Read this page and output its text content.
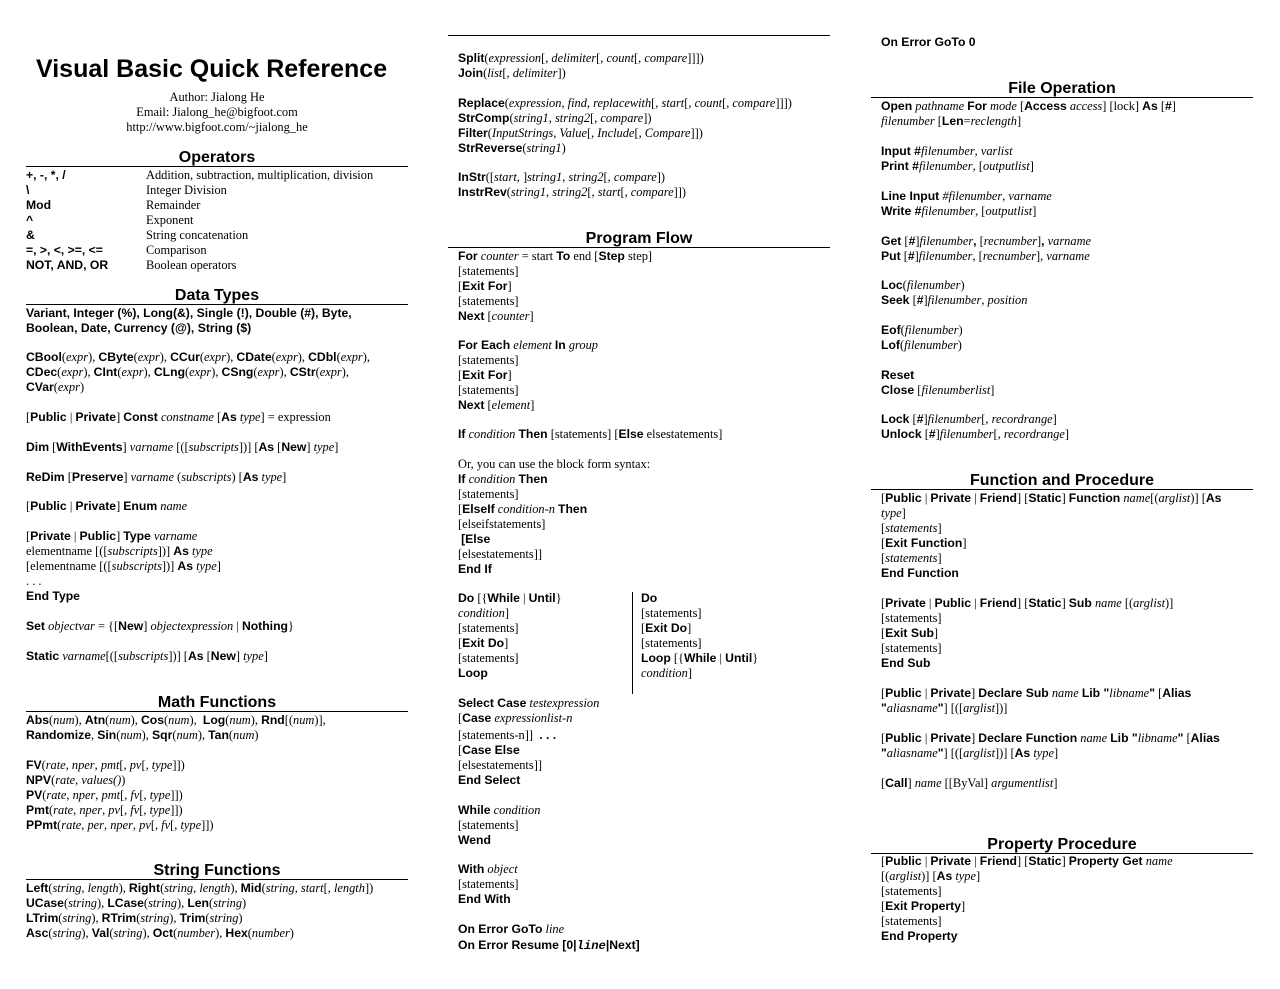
Visual Basic Quick Reference
Author: Jialong He
Email: Jialong_he@bigfoot.com
http://www.bigfoot.com/~jialong_he
Operators
+, -, *, /	Addition, subtraction, multiplication, division
\	Integer Division
Mod	Remainder
^	Exponent
&	String concatenation
=, >, <, >=, <=	Comparison
NOT, AND, OR	Boolean operators
Data Types
Variant, Integer (%), Long(&), Single (!), Double (#), Byte,
Boolean, Date, Currency (@), String ($)
CBool(expr), CByte(expr), CCur(expr), CDate(expr), CDbl(expr),
CDec(expr), CInt(expr), CLng(expr), CSng(expr), CStr(expr),
CVar(expr)
[Public | Private] Const constname [As type] = expression
Dim [WithEvents] varname [([subscripts])] [As [New] type]
ReDim [Preserve] varname (subscripts) [As type]
[Public | Private] Enum name
[Private | Public] Type varname
elementname [([subscripts])] As type
[elementname [([subscripts])] As type]
. . .
End Type
Set objectvar = {[New] objectexpression | Nothing}
Static varname[([subscripts])] [As [New] type]
Math Functions
Abs(num), Atn(num), Cos(num),  Log(num), Rnd[(num)],
Randomize, Sin(num), Sqr(num), Tan(num)
FV(rate, nper, pmt[, pv[, type]])
NPV(rate, values())
PV(rate, nper, pmt[, fv[, type]])
Pmt(rate, nper, pv[, fv[, type]])
PPmt(rate, per, nper, pv[, fv[, type]])
String Functions
Left(string, length), Right(string, length), Mid(string, start[, length])
UCase(string), LCase(string), Len(string)
LTrim(string), RTrim(string), Trim(string)
Asc(string), Val(string), Oct(number), Hex(number)
Split(expression[, delimiter[, count[, compare]]])
Join(list[, delimiter])
Replace(expression, find, replacewith[, start[, count[, compare]]])
StrComp(string1, string2[, compare])
Filter(InputStrings, Value[, Include[, Compare]])
StrReverse(string1)
InStr([start, ]string1, string2[, compare])
InstrRev(string1, string2[, start[, compare]])
Program Flow
For counter = start To end [Step step]
[statements]
[Exit For]
[statements]
Next [counter]
For Each element In group
[statements]
[Exit For]
[statements]
Next [element]
If condition Then [statements] [Else elsestatements]
Or, you can use the block form syntax:
If condition Then
[statements]
[ElseIf condition-n Then
[elseifstatements]
[Else
[elsestatements]]
End If
Do [{While | Until}
condition]
[statements]
[Exit Do]
[statements]
Loop
Do
[statements]
[Exit Do]
[statements]
Loop [{While | Until}
condition]
Select Case testexpression
[Case expressionlist-n
[statements-n]]  . . .
[Case Else
[elsestatements]]
End Select
While condition
[statements]
Wend
With object
[statements]
End With
On Error GoTo line
On Error Resume [0|line|Next]
On Error GoTo 0
File Operation
Open pathname For mode [Access access] [lock] As [#]
filenumber [Len=reclength]
Input #filenumber, varlist
Print #filenumber, [outputlist]
Line Input #filenumber, varname
Write #filenumber, [outputlist]
Get [#]filenumber, [recnumber], varname
Put [#]filenumber, [recnumber], varname
Loc(filenumber)
Seek [#]filenumber, position
Eof(filenumber)
Lof(filenumber)
Reset
Close [filenumberlist]
Lock [#]filenumber[, recordrange]
Unlock [#]filenumber[, recordrange]
Function and Procedure
[Public | Private | Friend] [Static] Function name[(arglist)] [As
type]
[statements]
[Exit Function]
[statements]
End Function
[Private | Public | Friend] [Static] Sub name [(arglist)]
[statements]
[Exit Sub]
[statements]
End Sub
[Public | Private] Declare Sub name Lib "libname" [Alias
"aliasname"] [([arglist])]
[Public | Private] Declare Function name Lib "libname" [Alias
"aliasname"] [([arglist])] [As type]
[Call] name [[ByVal] argumentlist]
Property Procedure
[Public | Private | Friend] [Static] Property Get name
[(arglist)] [As type]
[statements]
[Exit Property]
[statements]
End Property
